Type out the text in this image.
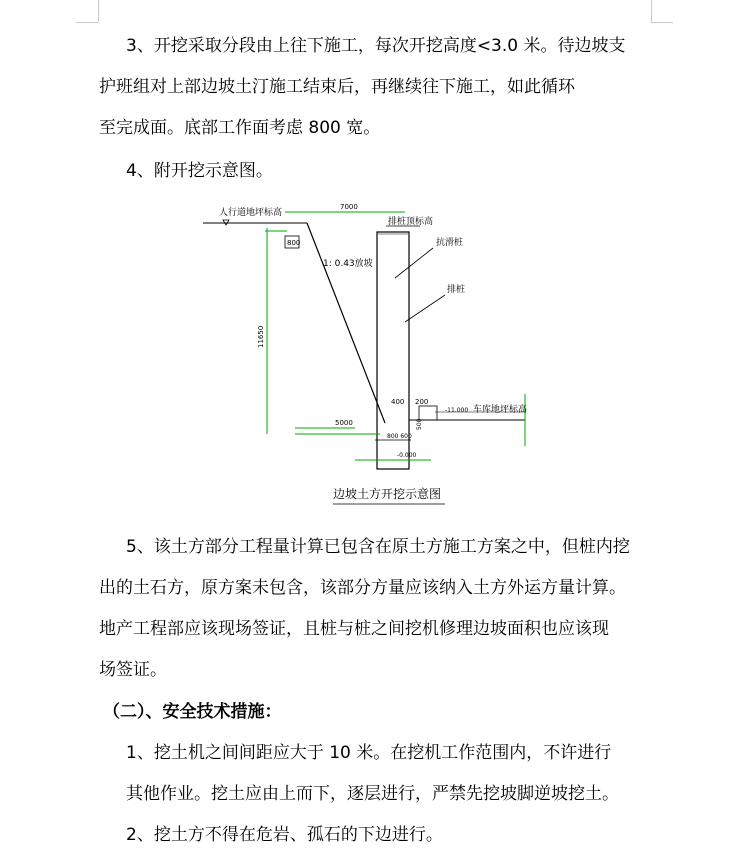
3、开挖采取分段由上往下施工，每次开挖高度<3.0 米。待边坡支
护班组对上部边坡土汀施工结束后，再继续往下施工，如此循环
至完成面。底部工作面考虑 800 宽。
4、附开挖示意图。
人行道地坪标高
7000
800
1: 0.43放坡
排桩顶标高
抗滑桩
排桩
11650
5000
400 200
-11.000 车库地坪标高
800 600
500
-0.000
边坡土方开挖示意图
5、该土方部分工程量计算已包含在原土方施工方案之中，但桩内挖
出的土石方，原方案未包含，该部分方量应该纳入土方外运方量计算。
地产工程部应该现场签证，且桩与桩之间挖机修理边坡面积也应该现
场签证。
（二）、安全技术措施：
1、挖土机之间间距应大于 10 米。在挖机工作范围内，不许进行
其他作业。挖土应由上而下，逐层进行，严禁先挖坡脚逆坡挖土。
2、挖土方不得在危岩、孤石的下边进行。
